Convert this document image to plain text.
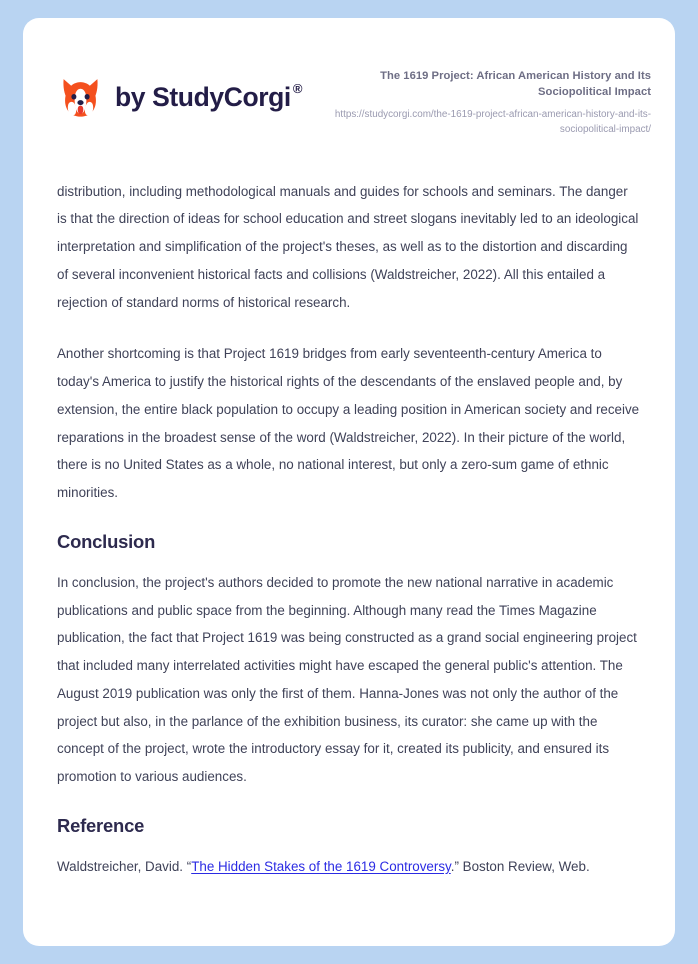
by StudyCorgi ®
The 1619 Project: African American History and Its Sociopolitical Impact
https://studycorgi.com/the-1619-project-african-american-history-and-its-sociopolitical-impact/

distribution, including methodological manuals and guides for schools and seminars. The danger is that the direction of ideas for school education and street slogans inevitably led to an ideological interpretation and simplification of the project's theses, as well as to the distortion and discarding of several inconvenient historical facts and collisions (Waldstreicher, 2022). All this entailed a rejection of standard norms of historical research.

Another shortcoming is that Project 1619 bridges from early seventeenth-century America to today's America to justify the historical rights of the descendants of the enslaved people and, by extension, the entire black population to occupy a leading position in American society and receive reparations in the broadest sense of the word (Waldstreicher, 2022). In their picture of the world, there is no United States as a whole, no national interest, but only a zero-sum game of ethnic minorities.

Conclusion

In conclusion, the project's authors decided to promote the new national narrative in academic publications and public space from the beginning. Although many read the Times Magazine publication, the fact that Project 1619 was being constructed as a grand social engineering project that included many interrelated activities might have escaped the general public's attention. The August 2019 publication was only the first of them. Hanna-Jones was not only the author of the project but also, in the parlance of the exhibition business, its curator: she came up with the concept of the project, wrote the introductory essay for it, created its publicity, and ensured its promotion to various audiences.

Reference

Waldstreicher, David. “The Hidden Stakes of the 1619 Controversy.” Boston Review, Web.
